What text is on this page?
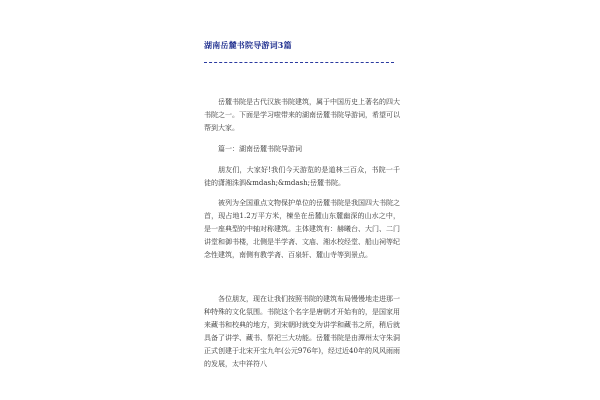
湖南岳麓书院导游词3篇

岳麓书院是古代汉族书院建筑，属于中国历史上著名的四大书院之一。下面是学习啦带来的湖南岳麓书院导游词，希望可以帮到大家。

篇一：湖南岳麓书院导游词

朋友们，大家好!我们今天游览的是道林三百众，书院一千徒的潇湘洙泗&mdash;&mdash;岳麓书院。

被列为全国重点文物保护单位的岳麓书院是我国四大书院之首，现占地1.2万平方米，楝坐在岳麓山东麓幽深的山水之中，是一座典型的中轴对称建筑。主体建筑有：赫曦台、大门、二门讲堂和御书楼，北侧是半学斋、文庙、湘水校经堂、船山祠等纪念性建筑，南侧有教学斋、百泉轩、麓山寺等到景点。

各位朋友，现在让我们按照书院的建筑布局慢慢地走进那一种特殊的文化氛围。书院这个名字是唐朝才开始有的，是国家用来藏书和校典的地方，到宋朝时就变为讲学和藏书之所，稍后就具备了讲学、藏书、祭祀三大功能。岳麓书院是由潭州太守朱洞正式创建于北宋开宝九年(公元976年)，经过近40年的风风雨雨的发展，太中祥符八
